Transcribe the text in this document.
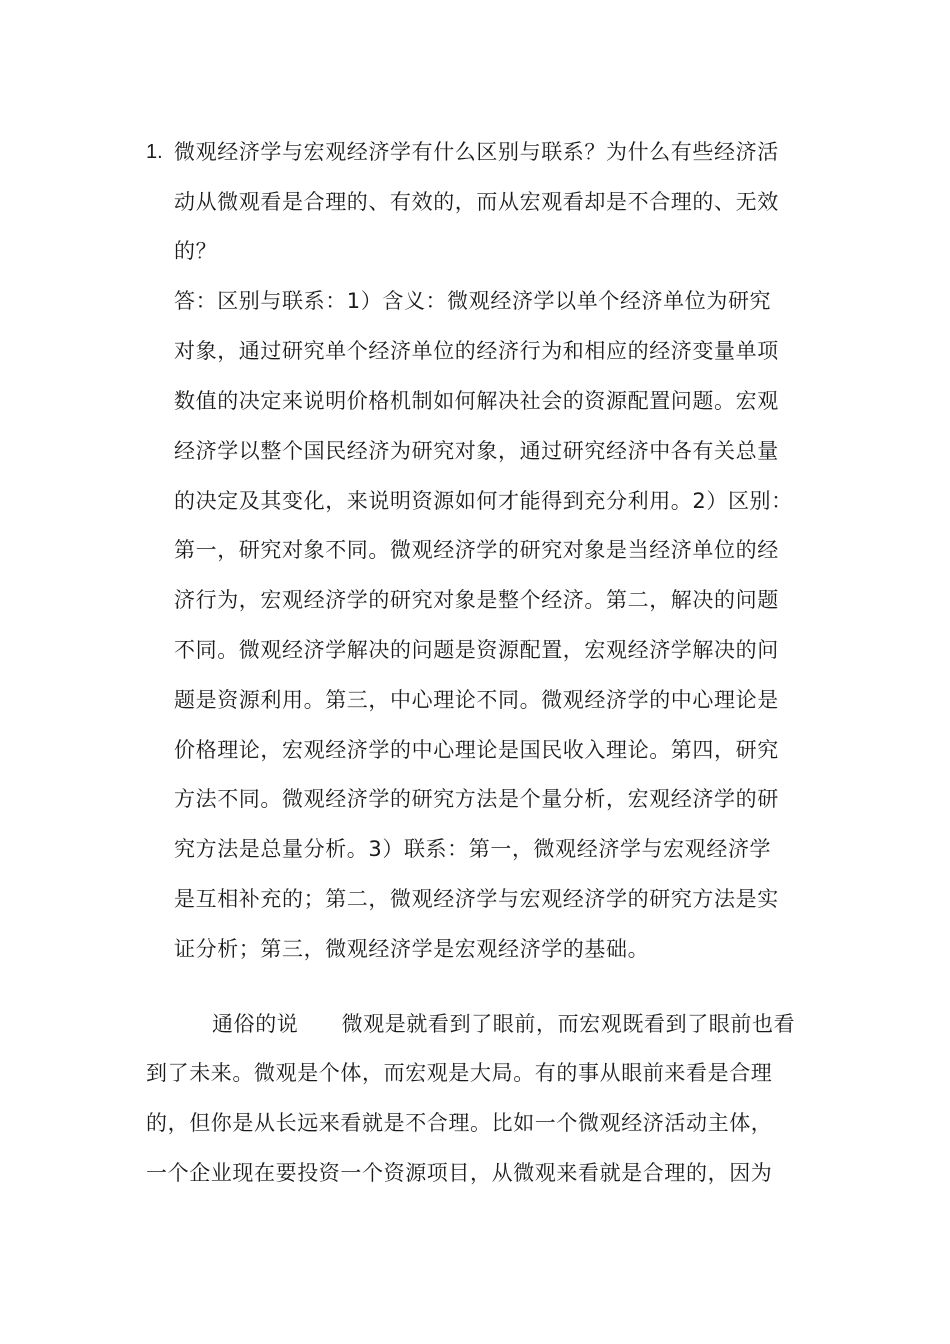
1. 微观经济学与宏观经济学有什么区别与联系？为什么有些经济活
动从微观看是合理的、有效的，而从宏观看却是不合理的、无效
的？
答：区别与联系：1）含义：微观经济学以单个经济单位为研究
对象，通过研究单个经济单位的经济行为和相应的经济变量单项
数值的决定来说明价格机制如何解决社会的资源配置问题。宏观
经济学以整个国民经济为研究对象，通过研究经济中各有关总量
的决定及其变化，来说明资源如何才能得到充分利用。2）区别：
第一，研究对象不同。微观经济学的研究对象是当经济单位的经
济行为，宏观经济学的研究对象是整个经济。第二，解决的问题
不同。微观经济学解决的问题是资源配置，宏观经济学解决的问
题是资源利用。第三，中心理论不同。微观经济学的中心理论是
价格理论，宏观经济学的中心理论是国民收入理论。第四，研究
方法不同。微观经济学的研究方法是个量分析，宏观经济学的研
究方法是总量分析。3）联系：第一，微观经济学与宏观经济学
是互相补充的；第二，微观经济学与宏观经济学的研究方法是实
证分析；第三，微观经济学是宏观经济学的基础。
通俗的说　　微观是就看到了眼前，而宏观既看到了眼前也看
到了未来。微观是个体，而宏观是大局。有的事从眼前来看是合理
的，但你是从长远来看就是不合理。比如一个微观经济活动主体，
一个企业现在要投资一个资源项目，从微观来看就是合理的，因为
